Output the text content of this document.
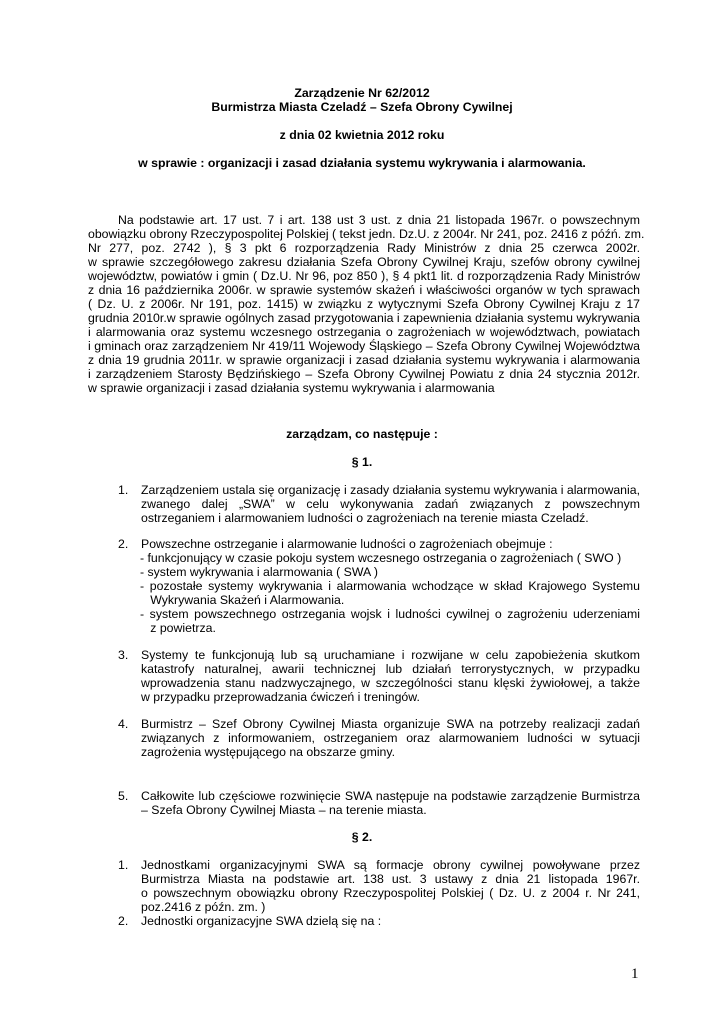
Zarządzenie Nr 62/2012
Burmistrza Miasta Czeladź – Szefa Obrony Cywilnej
z dnia 02 kwietnia 2012 roku
w sprawie : organizacji i zasad działania systemu wykrywania i alarmowania.
Na podstawie art. 17 ust. 7 i art. 138 ust 3 ust. z dnia 21 listopada 1967r. o powszechnym
obowiązku obrony Rzeczypospolitej Polskiej ( tekst jedn. Dz.U. z 2004r. Nr 241, poz. 2416 z późń. zm.
Nr 277, poz. 2742 ), § 3 pkt 6 rozporządzenia Rady Ministrów z dnia 25 czerwca 2002r.
w sprawie szczegółowego zakresu działania Szefa Obrony Cywilnej Kraju, szefów obrony cywilnej
województw, powiatów i gmin ( Dz.U. Nr 96, poz 850 ), § 4 pkt1 lit. d rozporządzenia Rady Ministrów
z dnia 16 października 2006r. w sprawie systemów skażeń i właściwości organów w tych sprawach
( Dz. U. z 2006r. Nr 191, poz. 1415) w związku z wytycznymi Szefa Obrony Cywilnej Kraju z 17
grudnia 2010r.w sprawie ogólnych zasad przygotowania i zapewnienia działania systemu wykrywania
i alarmowania oraz systemu wczesnego ostrzegania o zagrożeniach w województwach, powiatach
i gminach oraz zarządzeniem Nr 419/11 Wojewody Śląskiego – Szefa Obrony Cywilnej Województwa
z dnia 19 grudnia 2011r. w sprawie organizacji i zasad działania systemu wykrywania i alarmowania
i zarządzeniem Starosty Będzińskiego – Szefa Obrony Cywilnej Powiatu z dnia 24 stycznia 2012r.
w sprawie organizacji i zasad działania systemu wykrywania i alarmowania
zarządzam, co następuje :
§ 1.
1. Zarządzeniem ustala się organizację i zasady działania systemu wykrywania i alarmowania,
zwanego dalej „SWA” w celu wykonywania zadań związanych z powszechnym
ostrzeganiem i alarmowaniem ludności o zagrożeniach na terenie miasta Czeladź.
2. Powszechne ostrzeganie i alarmowanie ludności o zagrożeniach obejmuje :
- funkcjonujący w czasie pokoju system wczesnego ostrzegania o zagrożeniach ( SWO )
- system wykrywania i alarmowania ( SWA )
- pozostałe systemy wykrywania i alarmowania wchodzące w skład Krajowego Systemu
Wykrywania Skażeń i Alarmowania.
- system powszechnego ostrzegania wojsk i ludności cywilnej o zagrożeniu uderzeniami
z powietrza.
3. Systemy te funkcjonują lub są uruchamiane i rozwijane w celu zapobieżenia skutkom
katastrofy naturalnej, awarii technicznej lub działań terrorystycznych, w przypadku
wprowadzenia stanu nadzwyczajnego, w szczególności stanu klęski żywiołowej, a także
w przypadku przeprowadzania ćwiczeń i treningów.
4. Burmistrz – Szef Obrony Cywilnej Miasta organizuje SWA na potrzeby realizacji zadań
związanych z informowaniem, ostrzeganiem oraz alarmowaniem ludności w sytuacji
zagrożenia występującego na obszarze gminy.
5. Całkowite lub częściowe rozwinięcie SWA następuje na podstawie zarządzenie Burmistrza
– Szefa Obrony Cywilnej Miasta – na terenie miasta.
§ 2.
1. Jednostkami organizacyjnymi SWA są formacje obrony cywilnej powoływane przez
Burmistrza Miasta na podstawie art. 138 ust. 3 ustawy z dnia 21 listopada 1967r.
o powszechnym obowiązku obrony Rzeczypospolitej Polskiej ( Dz. U. z 2004 r. Nr 241,
poz.2416 z późn. zm. )
2. Jednostki organizacyjne SWA dzielą się na :
1
